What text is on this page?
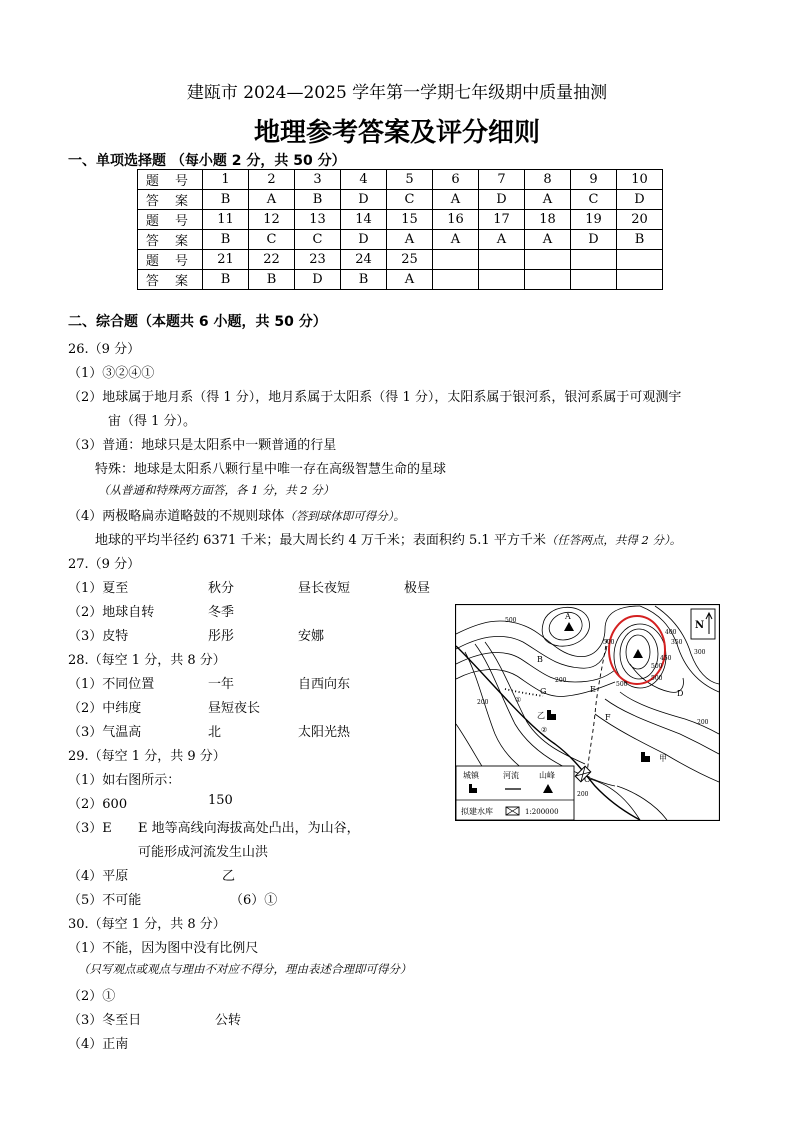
建瓯市 2024—2025 学年第一学期七年级期中质量抽测
地理参考答案及评分细则
一、单项选择题 （每小题 2 分，共 50 分）
题 号	1	2	3	4	5	6	7	8	9	10
答 案	B	A	B	D	C	A	D	A	C	D
题 号	11	12	13	14	15	16	17	18	19	20
答 案	B	C	C	D	A	A	A	A	D	B
题 号	21	22	23	24	25					
答 案	B	B	D	B	A					
二、综合题（本题共 6 小题，共 50 分）
26.（9 分）
（1）③②④①
（2）地球属于地月系（得 1 分），地月系属于太阳系（得 1 分），太阳系属于银河系，银河系属于可观测宇
宙（得 1 分）。
（3）普通：地球只是太阳系中一颗普通的行星
特殊：地球是太阳系八颗行星中唯一存在高级智慧生命的星球
（从普通和特殊两方面答，各 1 分，共 2 分）
（4）两极略扁赤道略鼓的不规则球体（答到球体即可得分）。
地球的平均半径约 6371 千米；最大周长约 4 万千米；表面积约 5.1 平方千米（任答两点，共得 2 分）。
27.（9 分）
（1）夏至	秋分	昼长夜短	极昼
（2）地球自转	冬季
（3）皮特	彤彤	安娜
28.（每空 1 分，共 8 分）
（1）不同位置	一年	自西向东
（2）中纬度	昼短夜长
（3）气温高	北	太阳光热
29.（每空 1 分，共 9 分）
（1）如右图所示：
（2）600	150
（3）E E 地等高线向海拔高处凸出，为山谷，
可能形成河流发生山洪
（4）平原	乙
（5）不可能	（6）①
30.（每空 1 分，共 8 分）
（1）不能，因为图中没有比例尺
（只写观点或观点与理由不对应不得分，理由表述合理即可得分）
（2）①
（3）冬至日	公转
（4）正南
N
A
B
C
D
E
F
G
乙
甲
①
②
500
500
500
500
500
450
400
350
300
200
200
200
200
城镇	河流	山峰
拟建水库	1:200000
